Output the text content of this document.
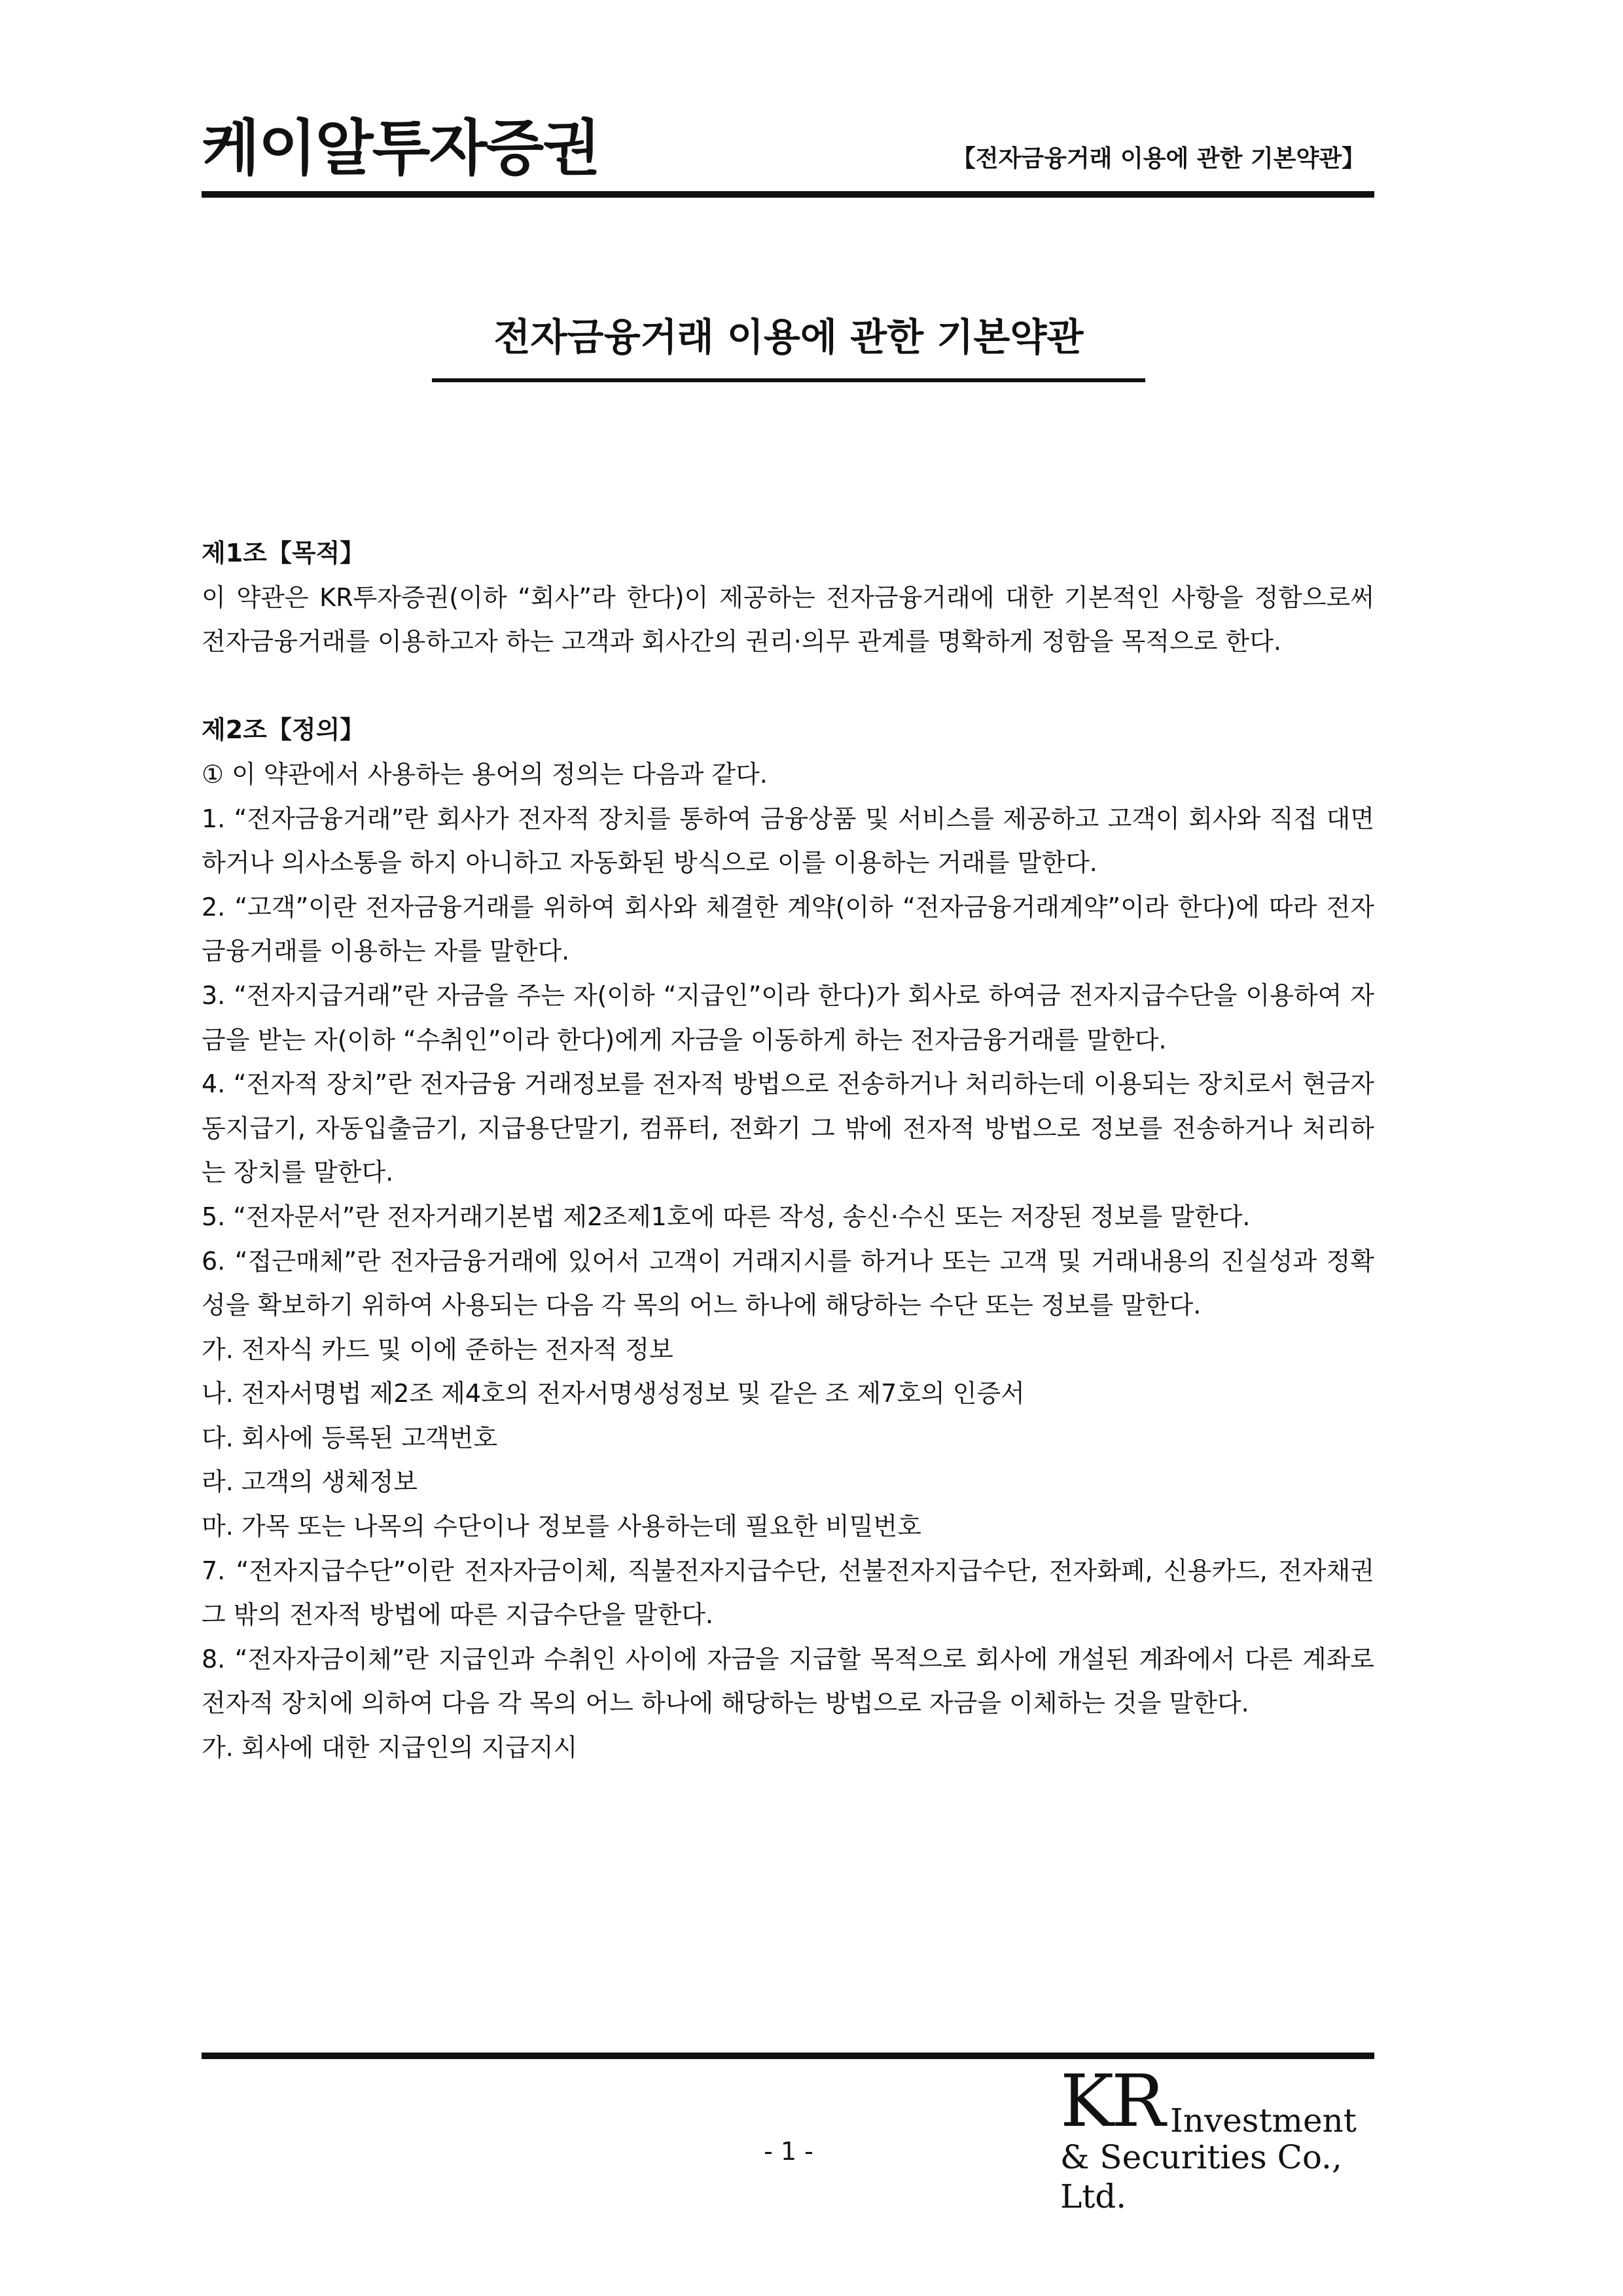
케이알투자증권	【전자금융거래 이용에 관한 기본약관】
전자금융거래 이용에 관한 기본약관

제1조【목적】

이 약관은 KR투자증권(이하 “회사”라 한다)이 제공하는 전자금융거래에 대한 기본적인 사항을 정함으로써 전자금융거래를 이용하고자 하는 고객과 회사간의 권리·의무 관계를 명확하게 정함을 목적으로 한다.

제2조【정의】

① 이 약관에서 사용하는 용어의 정의는 다음과 같다.

1. “전자금융거래”란 회사가 전자적 장치를 통하여 금융상품 및 서비스를 제공하고 고객이 회사와 직접 대면하거나 의사소통을 하지 아니하고 자동화된 방식으로 이를 이용하는 거래를 말한다.

2. “고객”이란 전자금융거래를 위하여 회사와 체결한 계약(이하 “전자금융거래계약”이라 한다)에 따라 전자금융거래를 이용하는 자를 말한다.

3. “전자지급거래”란 자금을 주는 자(이하 “지급인”이라 한다)가 회사로 하여금 전자지급수단을 이용하여 자금을 받는 자(이하 “수취인”이라 한다)에게 자금을 이동하게 하는 전자금융거래를 말한다.

4. “전자적 장치”란 전자금융 거래정보를 전자적 방법으로 전송하거나 처리하는데 이용되는 장치로서 현금자동지급기, 자동입출금기, 지급용단말기, 컴퓨터, 전화기 그 밖에 전자적 방법으로 정보를 전송하거나 처리하는 장치를 말한다.

5. “전자문서”란 전자거래기본법 제2조제1호에 따른 작성, 송신·수신 또는 저장된 정보를 말한다.

6. “접근매체”란 전자금융거래에 있어서 고객이 거래지시를 하거나 또는 고객 및 거래내용의 진실성과 정확성을 확보하기 위하여 사용되는 다음 각 목의 어느 하나에 해당하는 수단 또는 정보를 말한다.

가. 전자식 카드 및 이에 준하는 전자적 정보

나. 전자서명법 제2조 제4호의 전자서명생성정보 및 같은 조 제7호의 인증서

다. 회사에 등록된 고객번호

라. 고객의 생체정보

마. 가목 또는 나목의 수단이나 정보를 사용하는데 필요한 비밀번호

7. “전자지급수단”이란 전자자금이체, 직불전자지급수단, 선불전자지급수단, 전자화폐, 신용카드, 전자채권 그 밖의 전자적 방법에 따른 지급수단을 말한다.

8. “전자자금이체”란 지급인과 수취인 사이에 자금을 지급할 목적으로 회사에 개설된 계좌에서 다른 계좌로 전자적 장치에 의하여 다음 각 목의 어느 하나에 해당하는 방법으로 자금을 이체하는 것을 말한다.

가. 회사에 대한 지급인의 지급지시

- 1 -
KR Investment
& Securities Co., Ltd.
